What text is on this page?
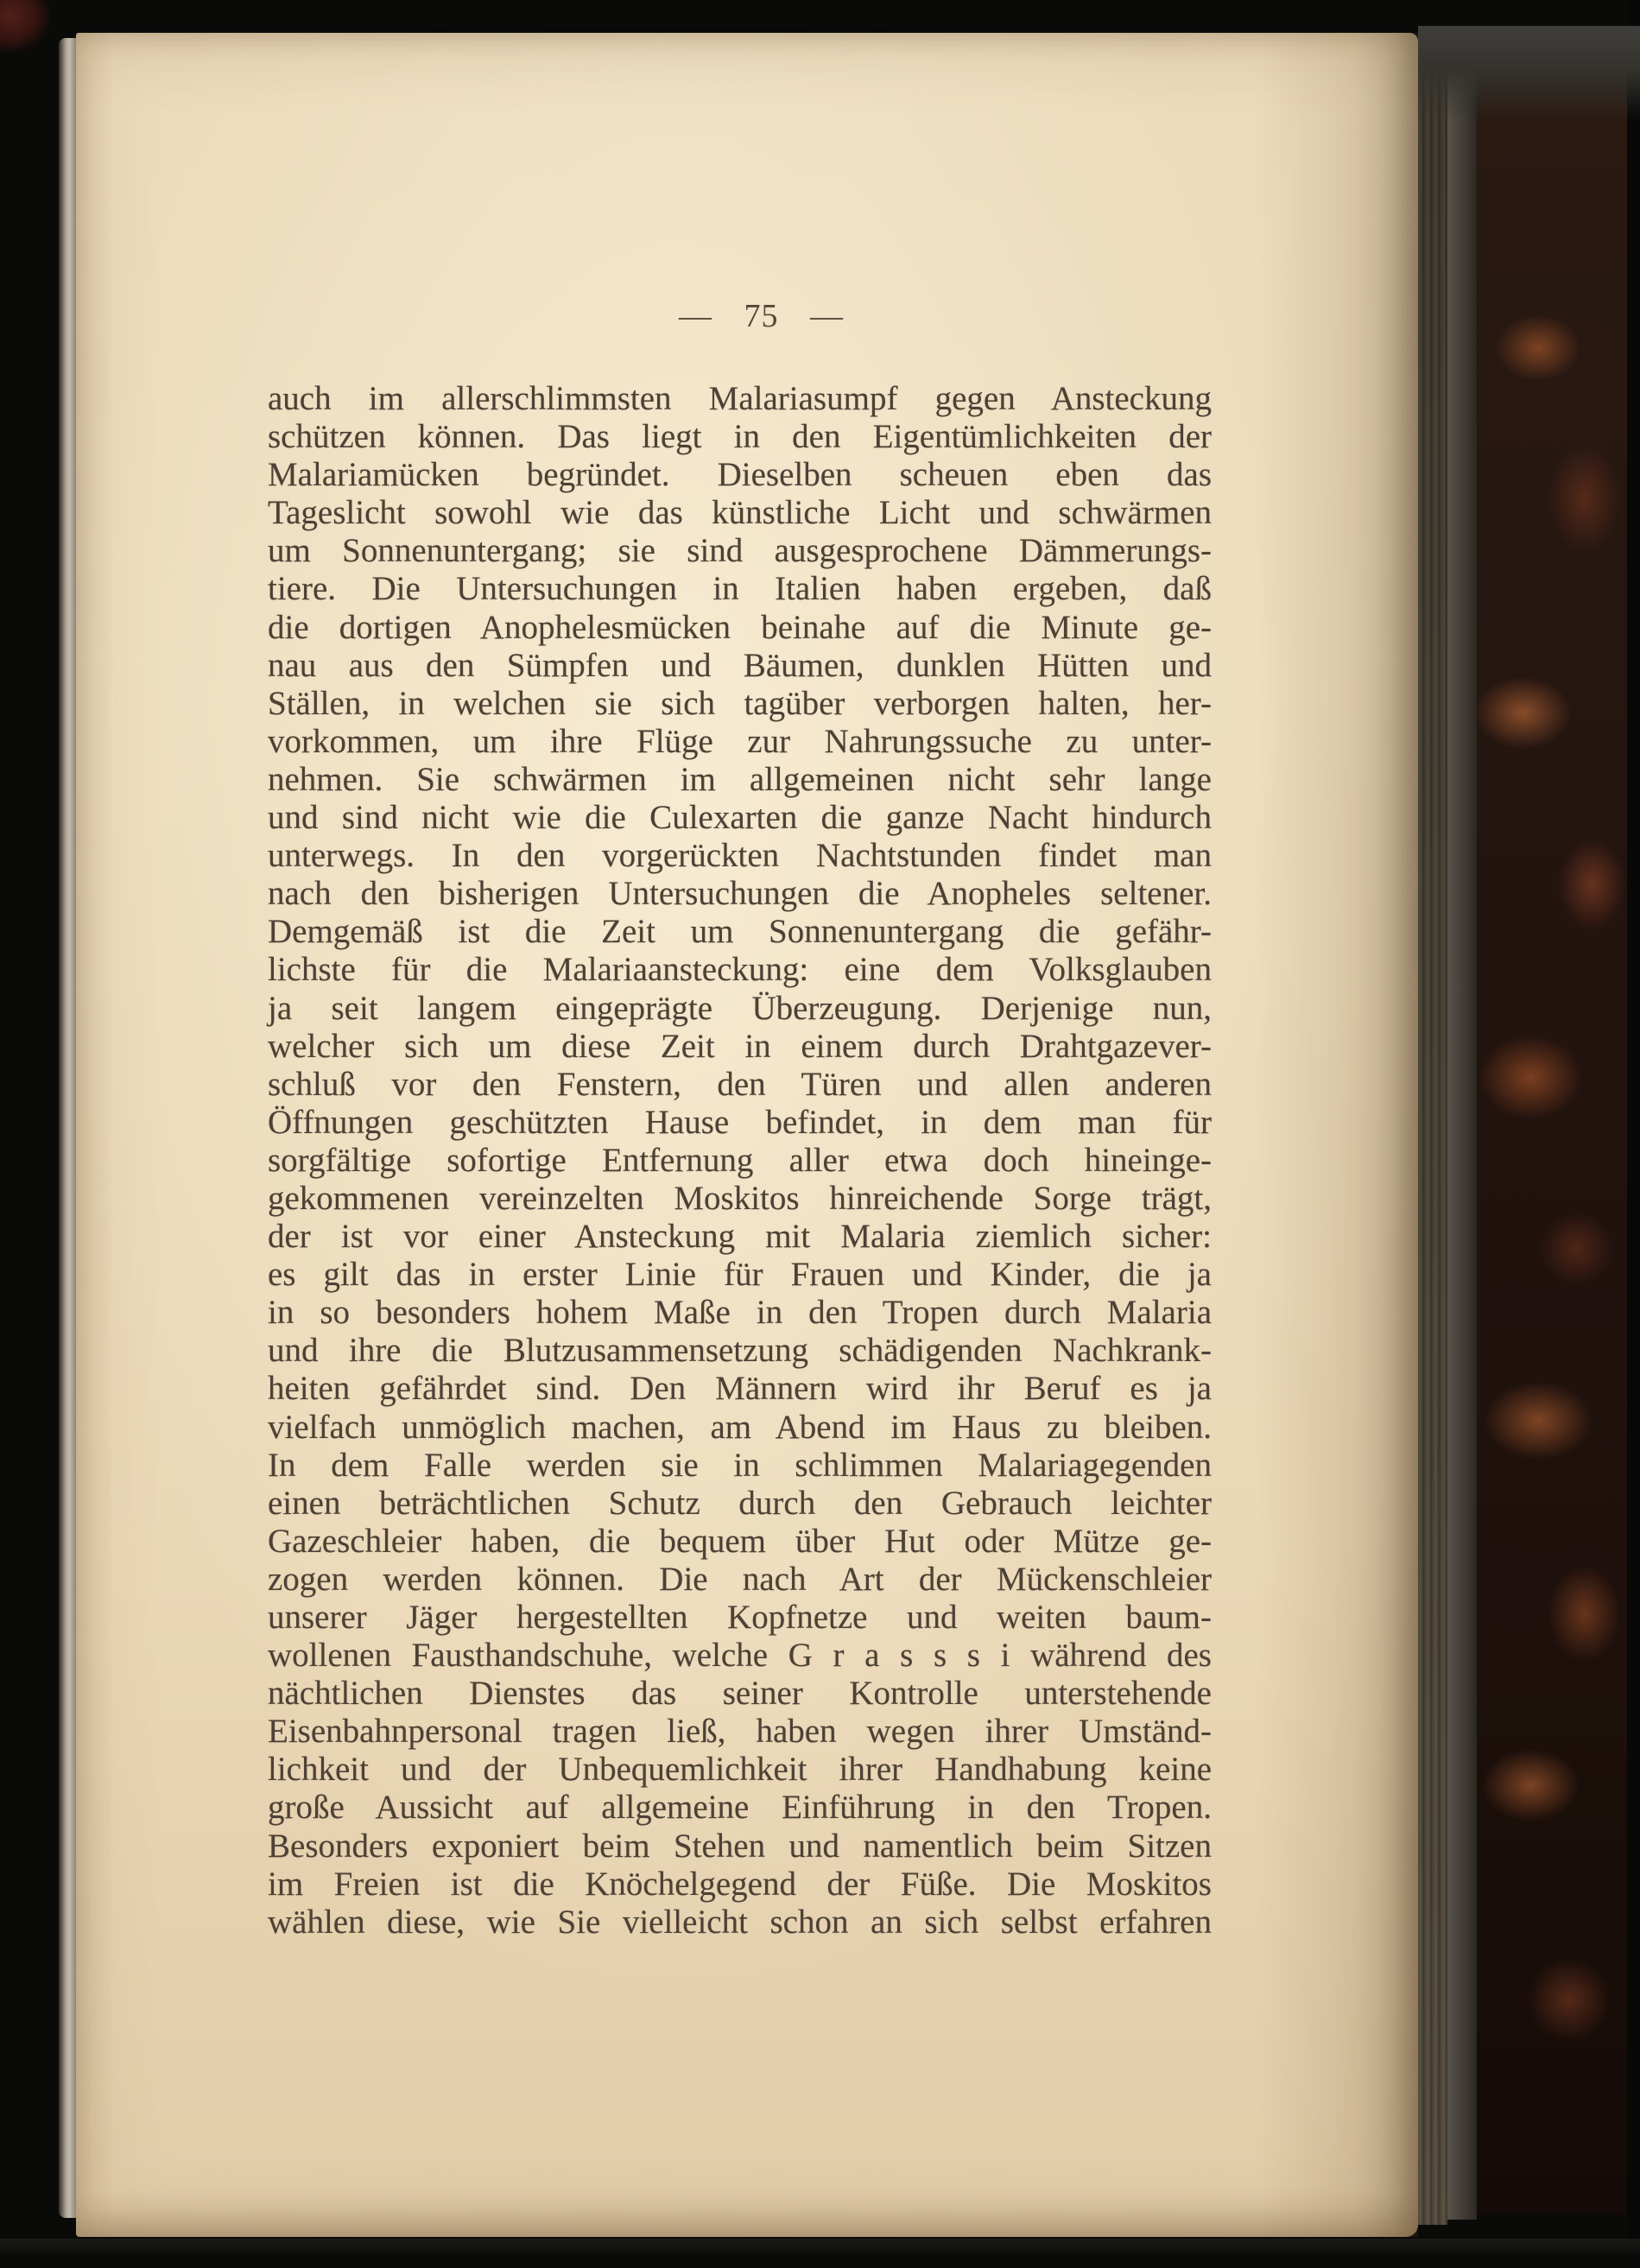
— 75 —
auch im allerschlimmsten Malariasumpf gegen Ansteckung
schützen können. Das liegt in den Eigentümlichkeiten der
Malariamücken begründet. Dieselben scheuen eben das
Tageslicht sowohl wie das künstliche Licht und schwärmen
um Sonnenuntergang; sie sind ausgesprochene Dämmerungs-
tiere. Die Untersuchungen in Italien haben ergeben, daß
die dortigen Anophelesmücken beinahe auf die Minute ge-
nau aus den Sümpfen und Bäumen, dunklen Hütten und
Ställen, in welchen sie sich tagüber verborgen halten, her-
vorkommen, um ihre Flüge zur Nahrungssuche zu unter-
nehmen. Sie schwärmen im allgemeinen nicht sehr lange
und sind nicht wie die Culexarten die ganze Nacht hindurch
unterwegs. In den vorgerückten Nachtstunden findet man
nach den bisherigen Untersuchungen die Anopheles seltener.
Demgemäß ist die Zeit um Sonnenuntergang die gefähr-
lichste für die Malariaansteckung: eine dem Volksglauben
ja seit langem eingeprägte Überzeugung. Derjenige nun,
welcher sich um diese Zeit in einem durch Drahtgazever-
schluß vor den Fenstern, den Türen und allen anderen
Öffnungen geschützten Hause befindet, in dem man für
sorgfältige sofortige Entfernung aller etwa doch hineinge-
gekommenen vereinzelten Moskitos hinreichende Sorge trägt,
der ist vor einer Ansteckung mit Malaria ziemlich sicher:
es gilt das in erster Linie für Frauen und Kinder, die ja
in so besonders hohem Maße in den Tropen durch Malaria
und ihre die Blutzusammensetzung schädigenden Nachkrank-
heiten gefährdet sind. Den Männern wird ihr Beruf es ja
vielfach unmöglich machen, am Abend im Haus zu bleiben.
In dem Falle werden sie in schlimmen Malariagegenden
einen beträchtlichen Schutz durch den Gebrauch leichter
Gazeschleier haben, die bequem über Hut oder Mütze ge-
zogen werden können. Die nach Art der Mückenschleier
unserer Jäger hergestellten Kopfnetze und weiten baum-
wollenen Fausthandschuhe, welche G r a s s s i während des
nächtlichen Dienstes das seiner Kontrolle unterstehende
Eisenbahnpersonal tragen ließ, haben wegen ihrer Umständ-
lichkeit und der Unbequemlichkeit ihrer Handhabung keine
große Aussicht auf allgemeine Einführung in den Tropen.
Besonders exponiert beim Stehen und namentlich beim Sitzen
im Freien ist die Knöchelgegend der Füße. Die Moskitos
wählen diese, wie Sie vielleicht schon an sich selbst erfahren
